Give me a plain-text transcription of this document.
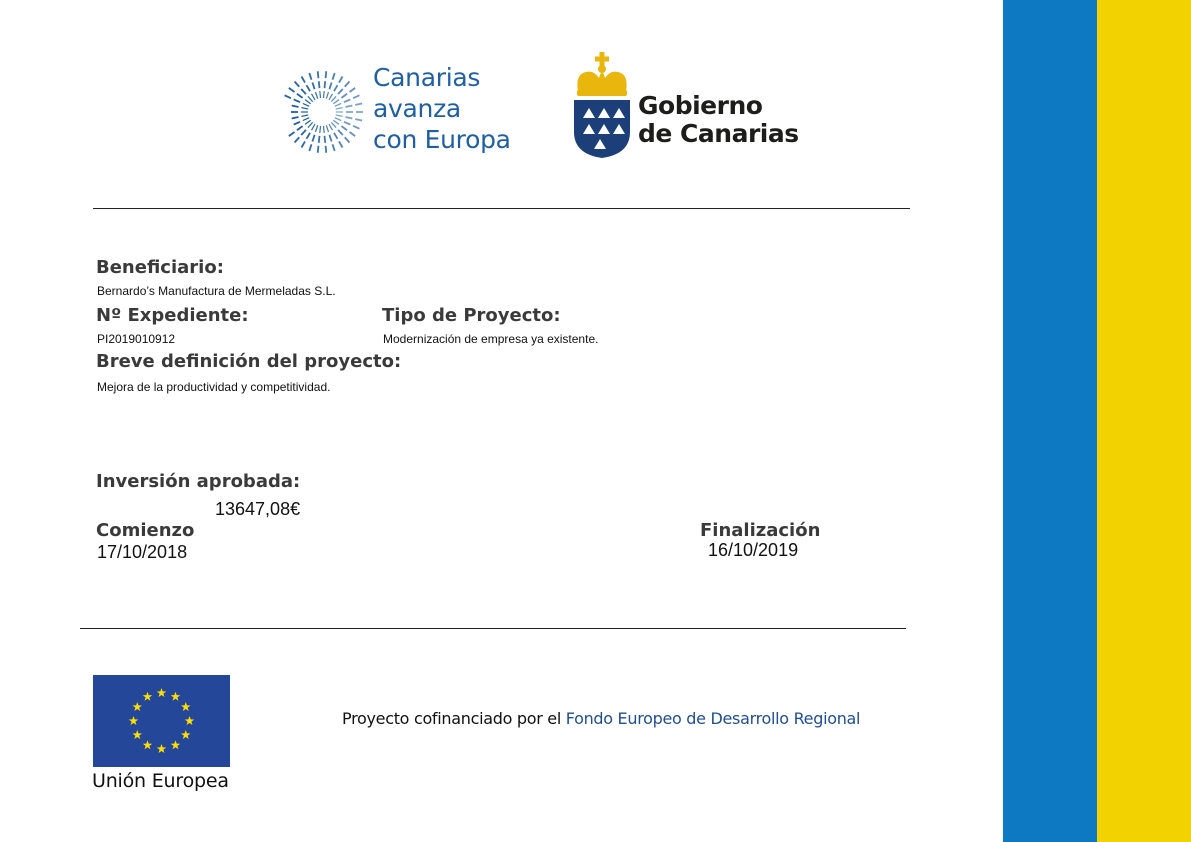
Canarias
avanza
con Europa
Gobierno
de Canarias
Beneficiario:
Bernardo’s Manufactura de Mermeladas S.L.
Nº Expediente:
PI2019010912
Tipo de Proyecto:
Modernización de empresa ya existente.
Breve definición del proyecto:
Mejora de la productividad y competitividad.
Inversión aprobada:
13647,08€
Comienzo
17/10/2018
Finalización
16/10/2019
Unión Europea
Proyecto cofinanciado por el Fondo Europeo de Desarrollo Regional
